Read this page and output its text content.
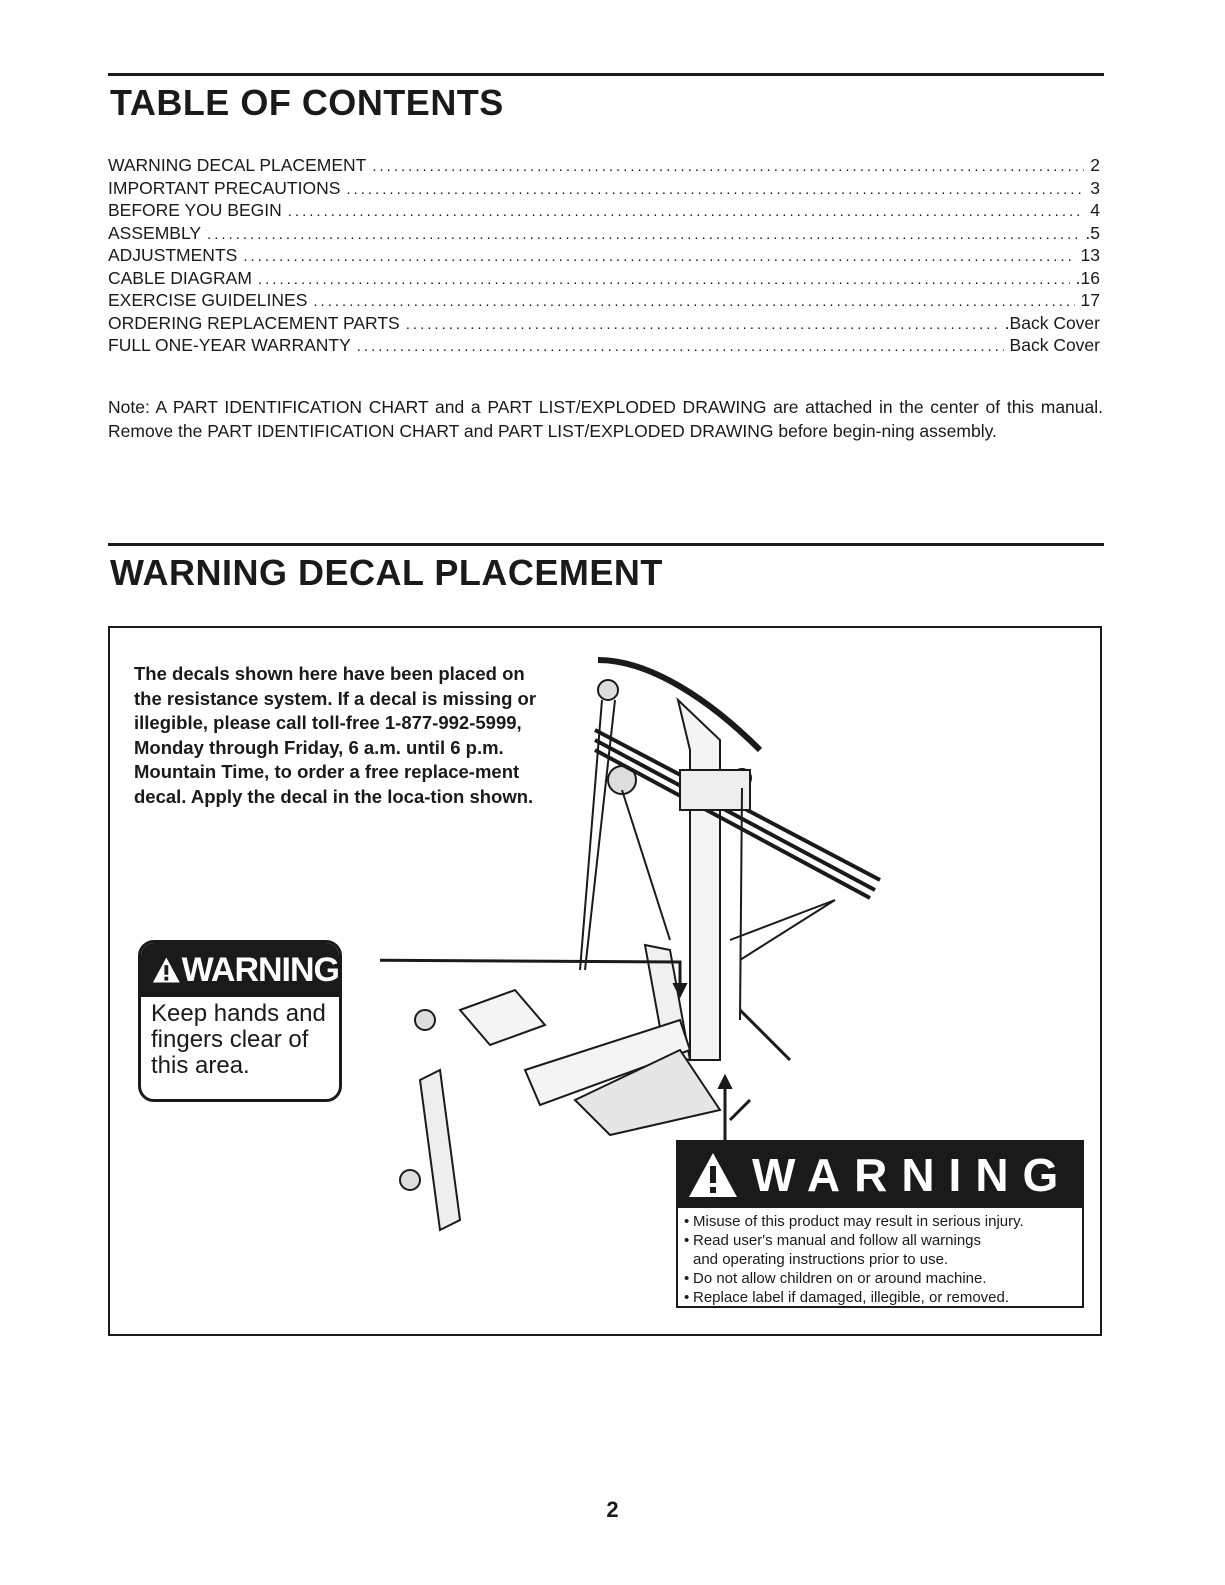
TABLE OF CONTENTS
WARNING DECAL PLACEMENT .....	2
IMPORTANT PRECAUTIONS .....	3
BEFORE YOU BEGIN .....	4
ASSEMBLY .....	.5
ADJUSTMENTS .....	13
CABLE DIAGRAM .....	.16
EXERCISE GUIDELINES .....	17
ORDERING REPLACEMENT PARTS .....	.Back Cover
FULL ONE-YEAR WARRANTY .....	Back Cover

Note: A PART IDENTIFICATION CHART and a PART LIST/EXPLODED DRAWING are attached in the center of this manual. Remove the PART IDENTIFICATION CHART and PART LIST/EXPLODED DRAWING before begin-ning assembly.

WARNING DECAL PLACEMENT

The decals shown here have been placed on the resistance system. If a decal is missing or illegible, please call toll-free 1-877-992-5999, Monday through Friday, 6 a.m. until 6 p.m. Mountain Time, to order a free replace-ment decal. Apply the decal in the loca-tion shown.

WARNING
Keep hands and
fingers clear of
this area.
WARNING
• Misuse of this product may result in serious injury.
• Read user's manual and follow all warnings
and operating instructions prior to use.
• Do not allow children on or around machine.
• Replace label if damaged, illegible, or removed.
2
